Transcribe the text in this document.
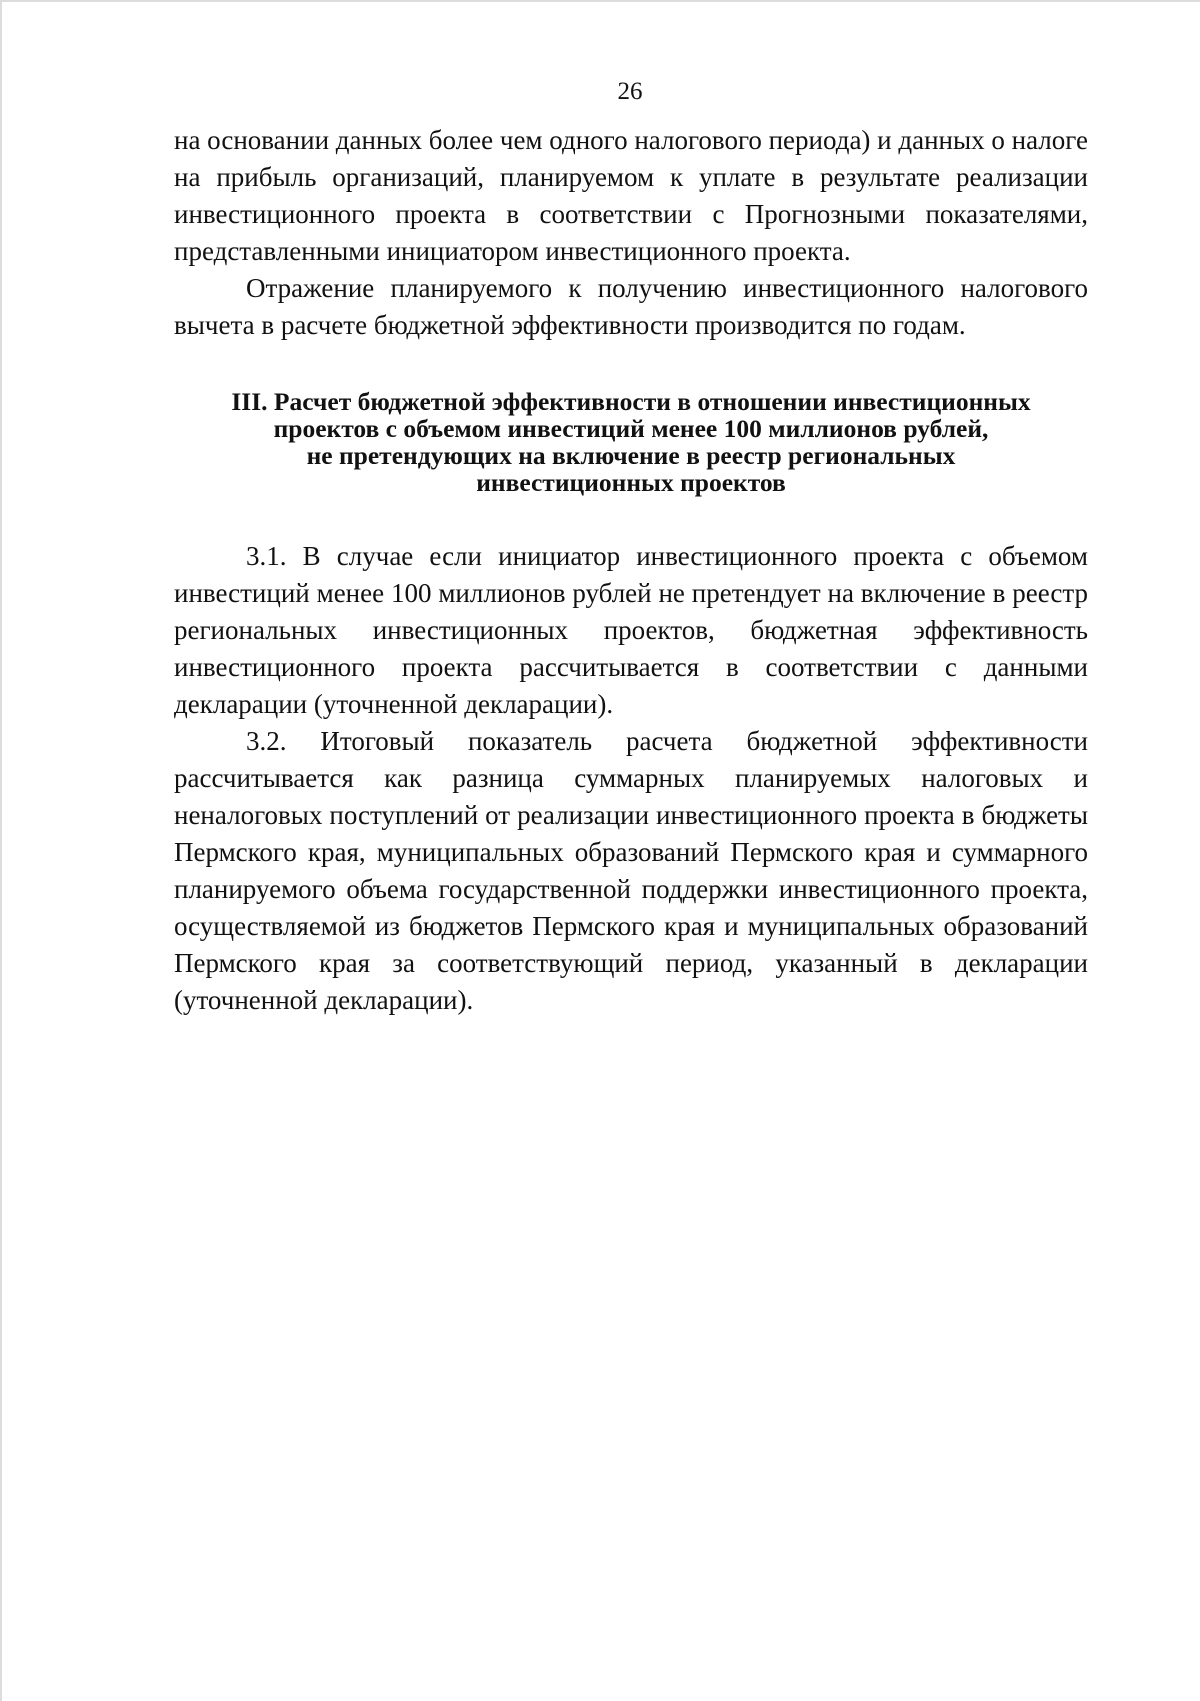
26

на основании данных более чем одного налогового периода) и данных о налоге на прибыль организаций, планируемом к уплате в результате реализации инвестиционного проекта в соответствии с Прогнозными показателями, представленными инициатором инвестиционного проекта.

Отражение планируемого к получению инвестиционного налогового вычета в расчете бюджетной эффективности производится по годам.

III. Расчет бюджетной эффективности в отношении инвестиционных
проектов с объемом инвестиций менее 100 миллионов рублей,
не претендующих на включение в реестр региональных
инвестиционных проектов

3.1. В случае если инициатор инвестиционного проекта с объемом инвестиций менее 100 миллионов рублей не претендует на включение в реестр региональных инвестиционных проектов, бюджетная эффективность инвестиционного проекта рассчитывается в соответствии с данными декларации (уточненной декларации).

3.2. Итоговый показатель расчета бюджетной эффективности рассчитывается как разница суммарных планируемых налоговых и неналоговых поступлений от реализации инвестиционного проекта в бюджеты Пермского края, муниципальных образований Пермского края и суммарного планируемого объема государственной поддержки инвестиционного проекта, осуществляемой из бюджетов Пермского края и муниципальных образований Пермского края за соответствующий период, указанный в декларации (уточненной декларации).
